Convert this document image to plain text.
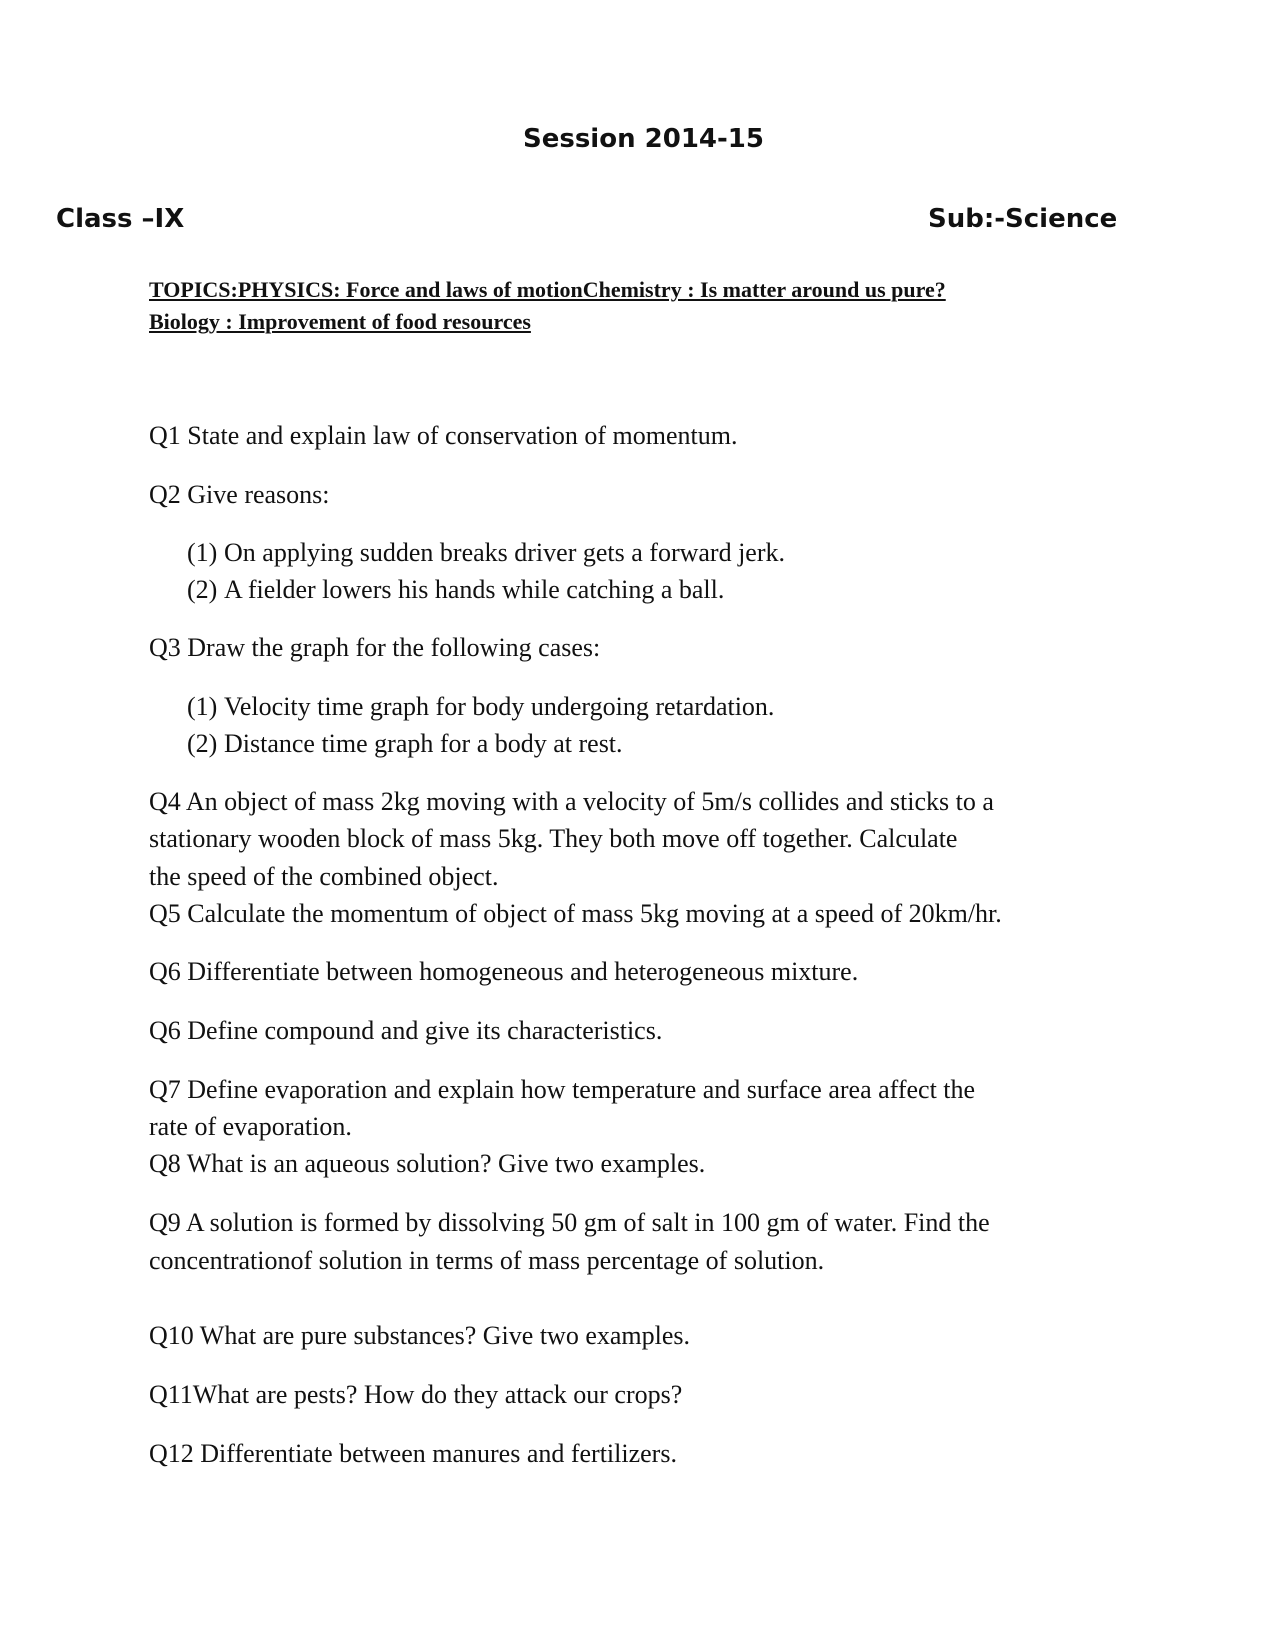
Session 2014-15
Class –IX	Sub:-Science
TOPICS:PHYSICS: Force and laws of motionChemistry : Is matter around us pure?
Biology : Improvement of food resources
Q1 State and explain law of conservation of momentum.
Q2 Give reasons:
(1) On applying sudden breaks driver gets a forward jerk.
(2) A fielder lowers his hands while catching a ball.
Q3 Draw the graph for the following cases:
(1) Velocity time graph for body undergoing retardation.
(2) Distance time graph for a body at rest.
Q4 An object of mass 2kg moving with a velocity of 5m/s collides and sticks to a
stationary wooden block of mass 5kg. They both move off together. Calculate
the speed of the combined object.
Q5 Calculate the momentum of object of mass 5kg moving at a speed of 20km/hr.
Q6 Differentiate between homogeneous and heterogeneous mixture.
Q6 Define compound and give its characteristics.
Q7 Define evaporation and explain how temperature and surface area affect the
rate of evaporation.
Q8 What is an aqueous solution? Give two examples.
Q9 A solution is formed by dissolving 50 gm of salt in 100 gm of water. Find the
concentrationof solution in terms of mass percentage of solution.
Q10 What are pure substances? Give two examples.
Q11What are pests? How do they attack our crops?
Q12 Differentiate between manures and fertilizers.
